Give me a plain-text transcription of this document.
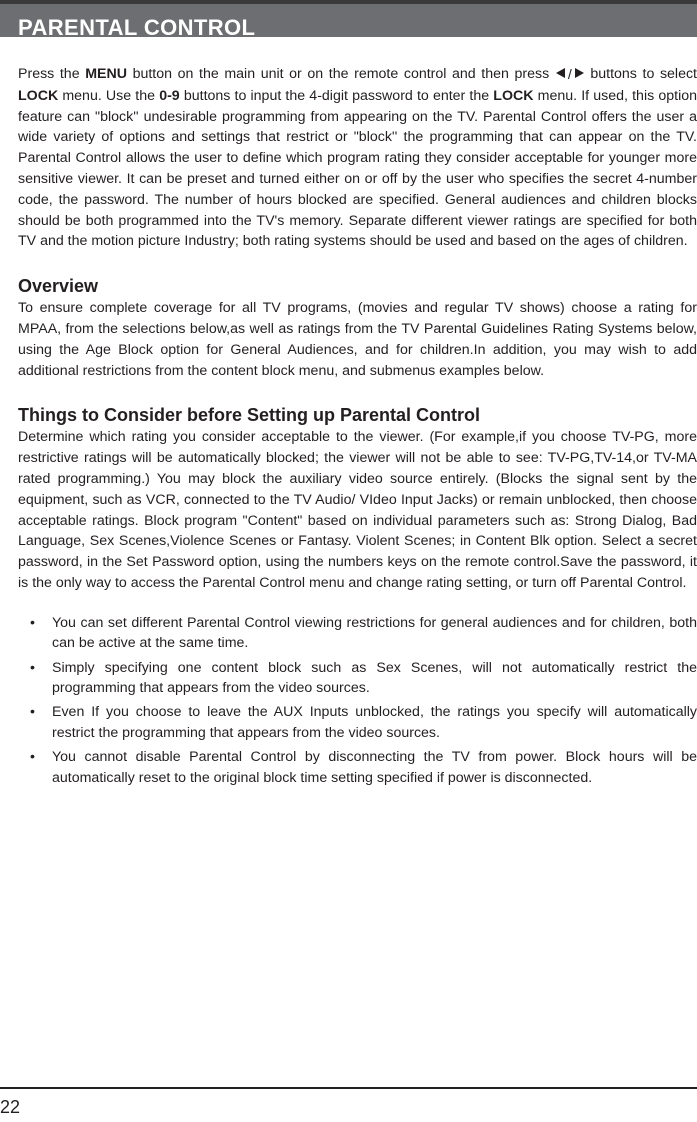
PARENTAL CONTROL

Press the MENU button on the main unit or on the remote control and then press / buttons to select LOCK menu. Use the 0-9 buttons to input the 4-digit password to enter the LOCK menu. If used, this option feature can "block'' undesirable programming from appearing on the TV. Parental Control offers the user a wide variety of options and settings that restrict or "block'' the programming that can appear on the TV. Parental Control allows the user to define which program rating they consider acceptable for younger more sensitive viewer. It can be preset and turned either on or off by the user who specifies the secret 4-number code, the password. The number of hours blocked are specified. General audiences and children blocks should be both programmed into the TV's memory. Separate different viewer ratings are specified for both TV and the motion picture Industry; both rating systems should be used and based on the ages of children.

Overview

To ensure complete coverage for all TV programs, (movies and regular TV shows) choose a rating for MPAA, from the selections below,as well as ratings from the TV Parental Guidelines Rating Systems below, using the Age Block option for General Audiences, and for children.In addition, you may wish to add additional restrictions from the content block menu, and submenus examples below.

Things to Consider before Setting up Parental Control

Determine which rating you consider acceptable to the viewer. (For example,if you choose TV-PG, more restrictive ratings will be automatically blocked; the viewer will not be able to see: TV-PG,TV-14,or TV-MA rated programming.) You may block the auxiliary video source entirely. (Blocks the signal sent by the equipment, such as VCR, connected to the TV Audio/ VIdeo Input Jacks) or remain unblocked, then choose acceptable ratings. Block program "Content" based on individual parameters such as: Strong Dialog, Bad Language, Sex Scenes,Violence Scenes or Fantasy. Violent Scenes; in Content Blk option. Select a secret password, in the Set Password option, using the numbers keys on the remote control.Save the password, it is the only way to access the Parental Control menu and change rating setting, or turn off Parental Control.

• You can set different Parental Control viewing restrictions for general audiences and for children, both can be active at the same time.
• Simply specifying one content block such as Sex Scenes, will not automatically restrict the programming that appears from the video sources.
• Even If you choose to leave the AUX Inputs unblocked, the ratings you specify will automatically restrict the programming that appears from the video sources.
• You cannot disable Parental Control by disconnecting the TV from power. Block hours will be automatically reset to the original block time setting specified if power is disconnected.
22
